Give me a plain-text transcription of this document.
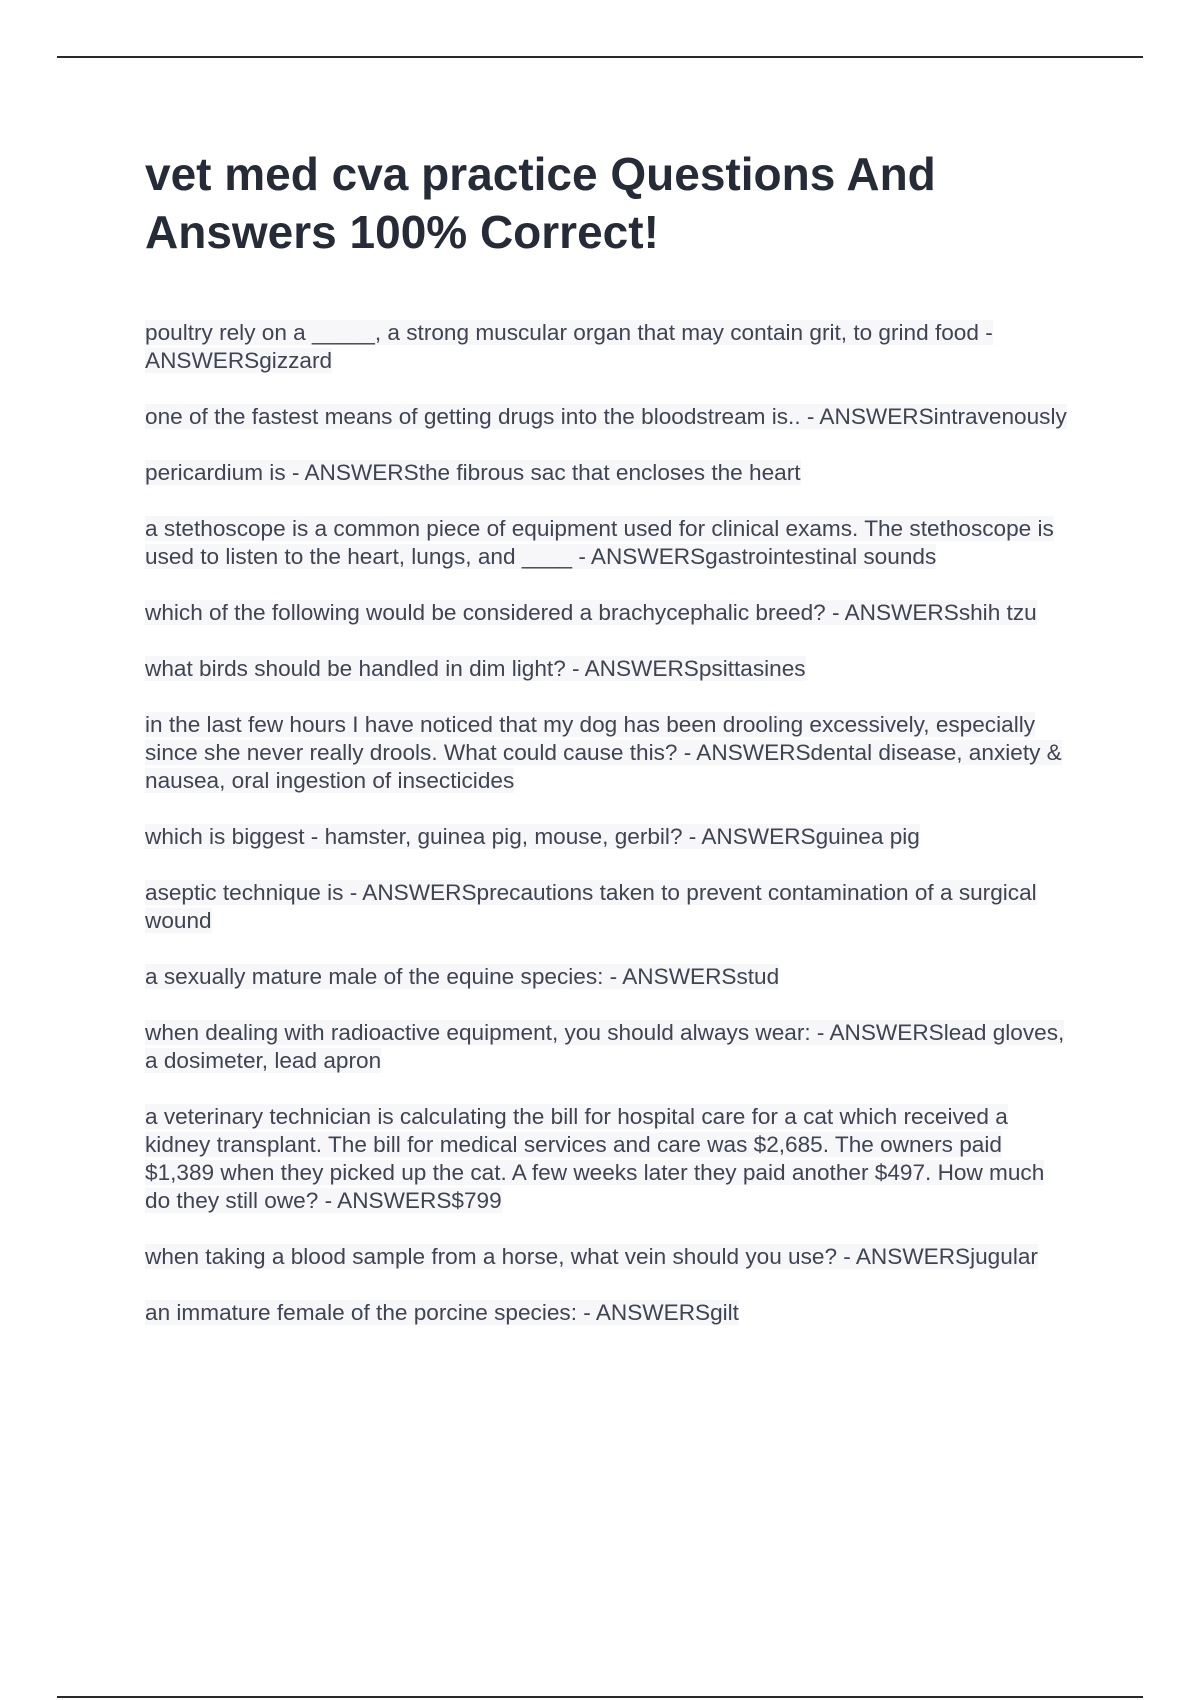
vet med cva practice Questions And Answers 100% Correct!
poultry rely on a _____, a strong muscular organ that may contain grit, to grind food - ANSWERSgizzard
one of the fastest means of getting drugs into the bloodstream is.. - ANSWERSintravenously
pericardium is - ANSWERSthe fibrous sac that encloses the heart
a stethoscope is a common piece of equipment used for clinical exams. The stethoscope is used to listen to the heart, lungs, and ____ - ANSWERSgastrointestinal sounds
which of the following would be considered a brachycephalic breed? - ANSWERSshih tzu
what birds should be handled in dim light? - ANSWERSpsittasines
in the last few hours I have noticed that my dog has been drooling excessively, especially since she never really drools. What could cause this? - ANSWERSdental disease, anxiety & nausea, oral ingestion of insecticides
which is biggest - hamster, guinea pig, mouse, gerbil? - ANSWERSguinea pig
aseptic technique is - ANSWERSprecautions taken to prevent contamination of a surgical wound
a sexually mature male of the equine species: - ANSWERSstud
when dealing with radioactive equipment, you should always wear: - ANSWERSlead gloves, a dosimeter, lead apron
a veterinary technician is calculating the bill for hospital care for a cat which received a kidney transplant. The bill for medical services and care was $2,685. The owners paid $1,389 when they picked up the cat. A few weeks later they paid another $497. How much do they still owe? - ANSWERS$799
when taking a blood sample from a horse, what vein should you use? - ANSWERSjugular
an immature female of the porcine species: - ANSWERSgilt
